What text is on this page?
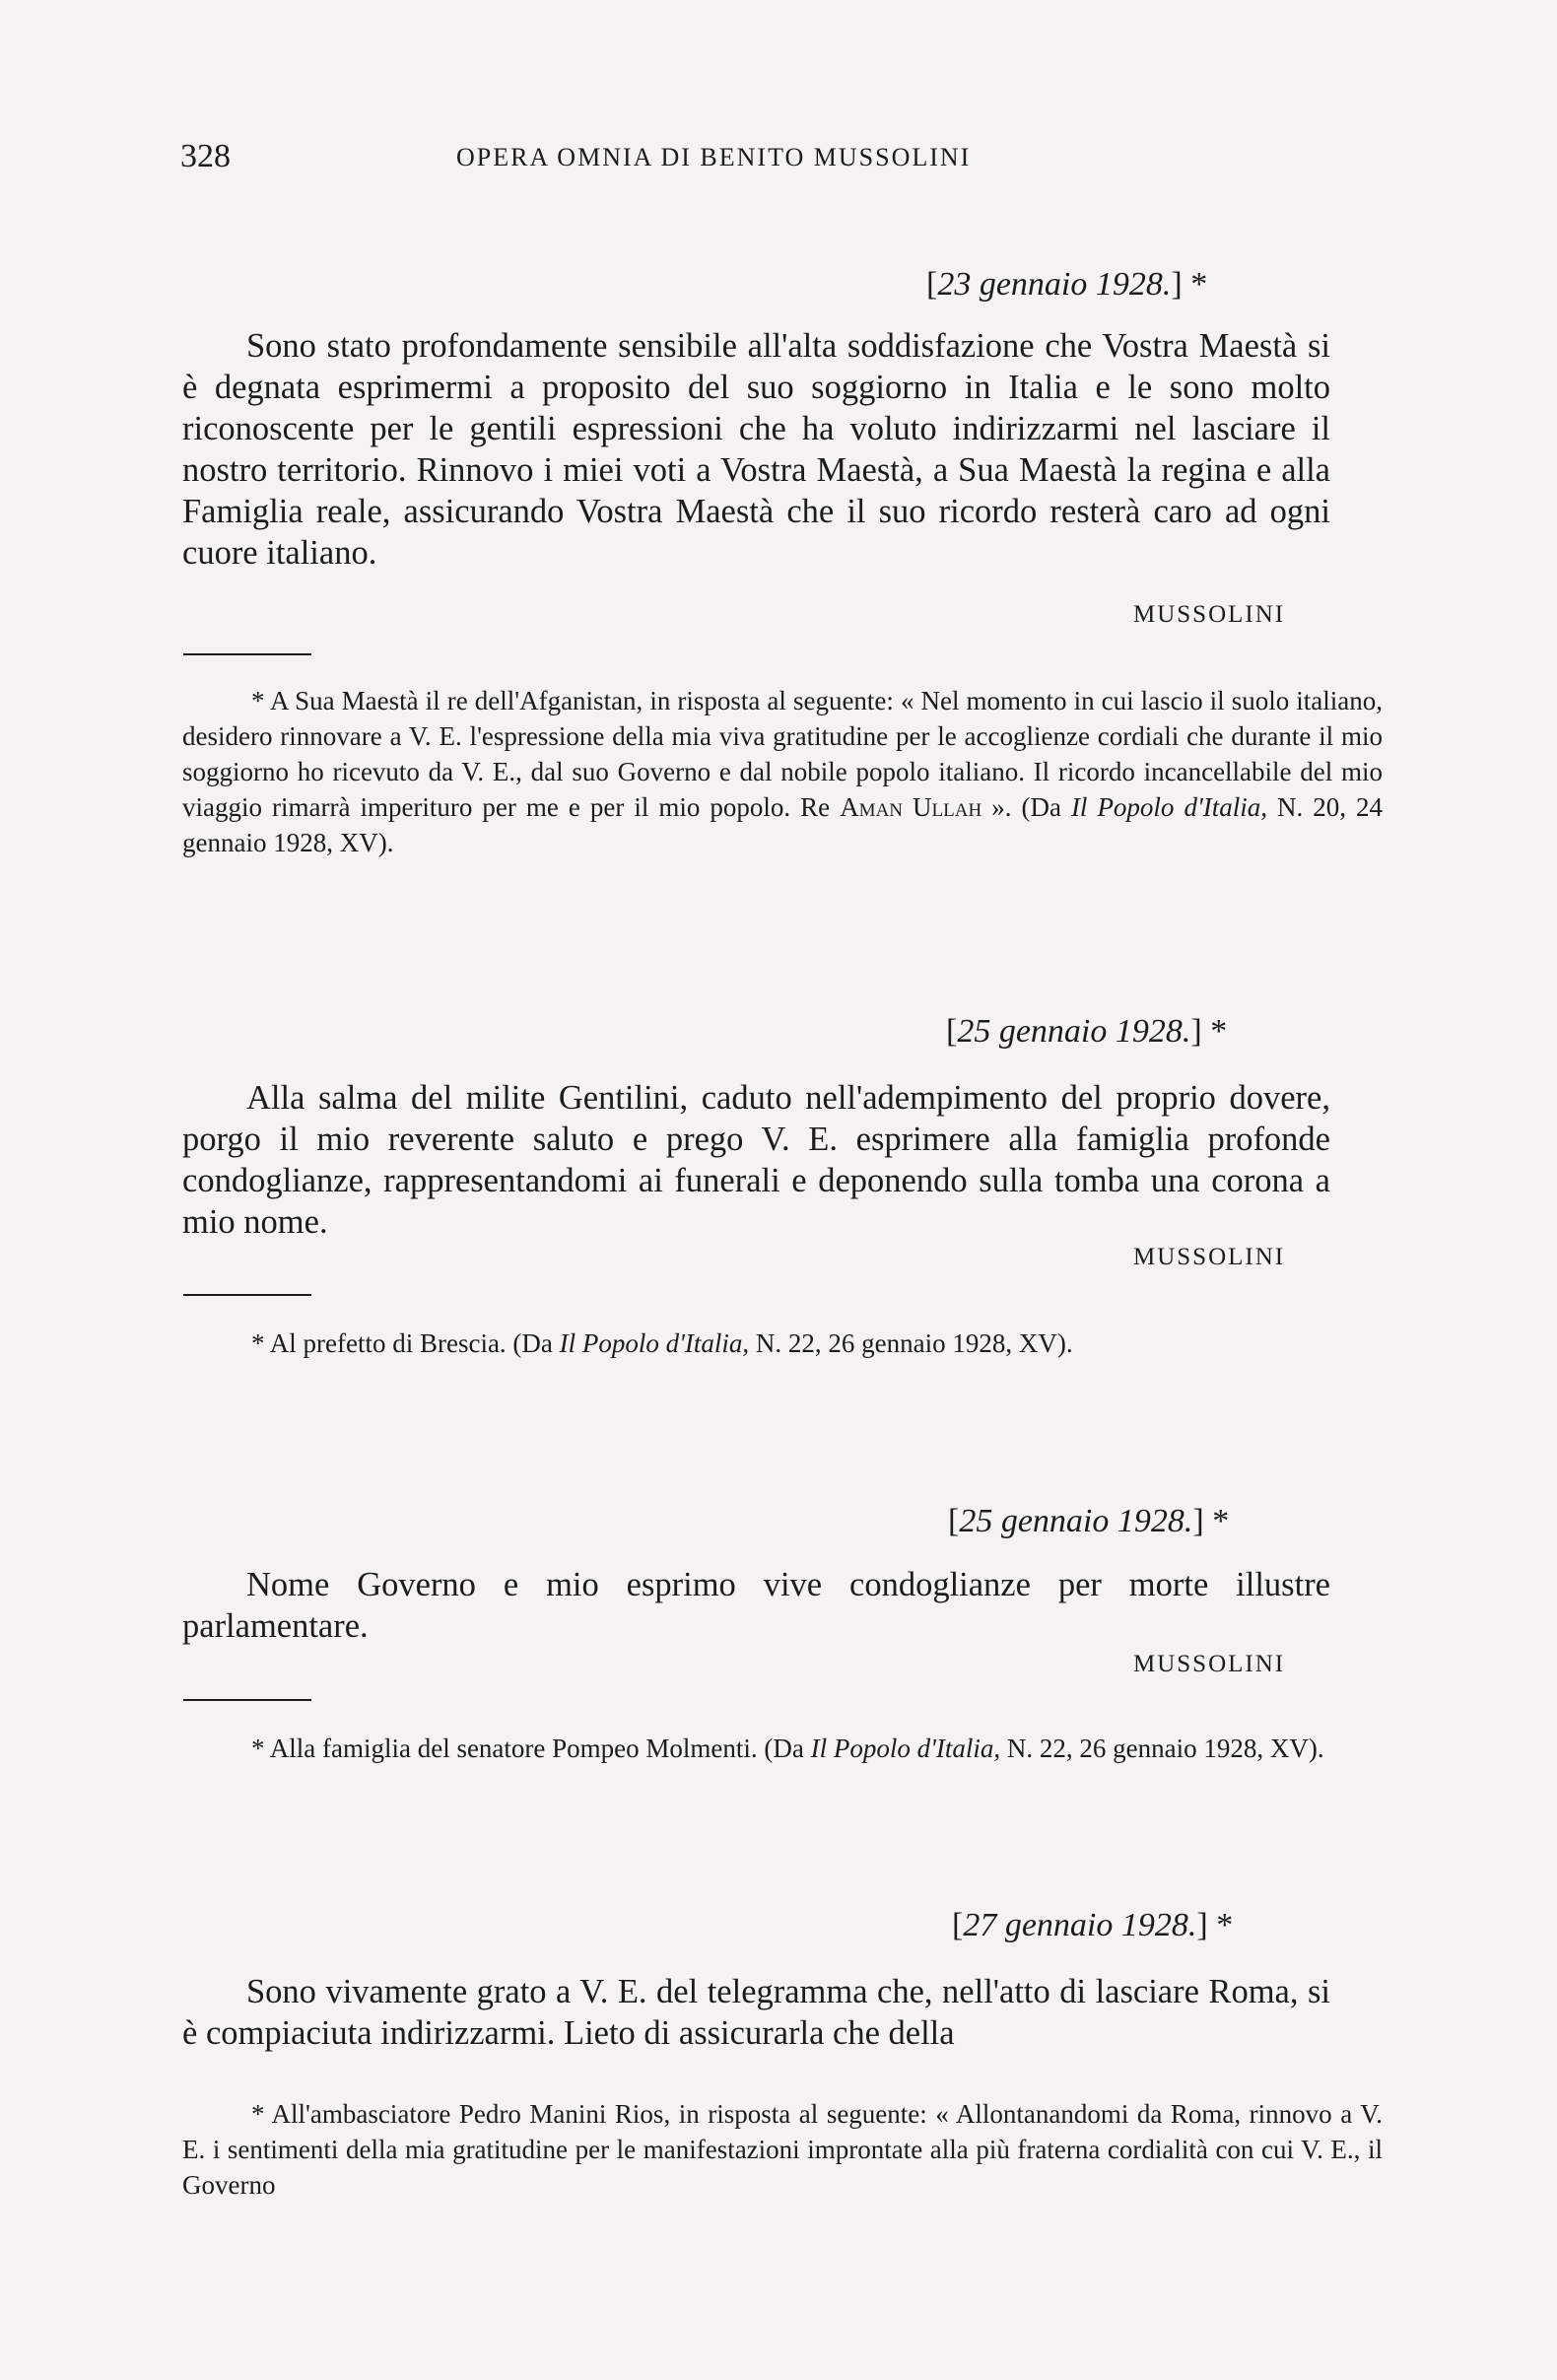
328	OPERA OMNIA DI BENITO MUSSOLINI
[23 gennaio 1928.] *
Sono stato profondamente sensibile all'alta soddisfazione che Vostra Maestà si è degnata esprimermi a proposito del suo soggiorno in Italia e le sono molto riconoscente per le gentili espressioni che ha voluto indirizzarmi nel lasciare il nostro territorio. Rinnovo i miei voti a Vostra Maestà, a Sua Maestà la regina e alla Famiglia reale, assicurando Vostra Maestà che il suo ricordo resterà caro ad ogni cuore italiano.
MUSSOLINI
* A Sua Maestà il re dell'Afganistan, in risposta al seguente: « Nel momento in cui lascio il suolo italiano, desidero rinnovare a V. E. l'espressione della mia viva gratitudine per le accoglienze cordiali che durante il mio soggiorno ho ricevuto da V. E., dal suo Governo e dal nobile popolo italiano. Il ricordo incancellabile del mio viaggio rimarrà imperituro per me e per il mio popolo. Re Aman Ullah ». (Da Il Popolo d'Italia, N. 20, 24 gennaio 1928, XV).
[25 gennaio 1928.] *
Alla salma del milite Gentilini, caduto nell'adempimento del proprio dovere, porgo il mio reverente saluto e prego V. E. esprimere alla famiglia profonde condoglianze, rappresentandomi ai funerali e deponendo sulla tomba una corona a mio nome.
MUSSOLINI
* Al prefetto di Brescia. (Da Il Popolo d'Italia, N. 22, 26 gennaio 1928, XV).
[25 gennaio 1928.] *
Nome Governo e mio esprimo vive condoglianze per morte illustre parlamentare.
MUSSOLINI
* Alla famiglia del senatore Pompeo Molmenti. (Da Il Popolo d'Italia, N. 22, 26 gennaio 1928, XV).
[27 gennaio 1928.] *
Sono vivamente grato a V. E. del telegramma che, nell'atto di lasciare Roma, si è compiaciuta indirizzarmi. Lieto di assicurarla che della
* All'ambasciatore Pedro Manini Rios, in risposta al seguente: « Allontanandomi da Roma, rinnovo a V. E. i sentimenti della mia gratitudine per le manifestazioni improntate alla più fraterna cordialità con cui V. E., il Governo
